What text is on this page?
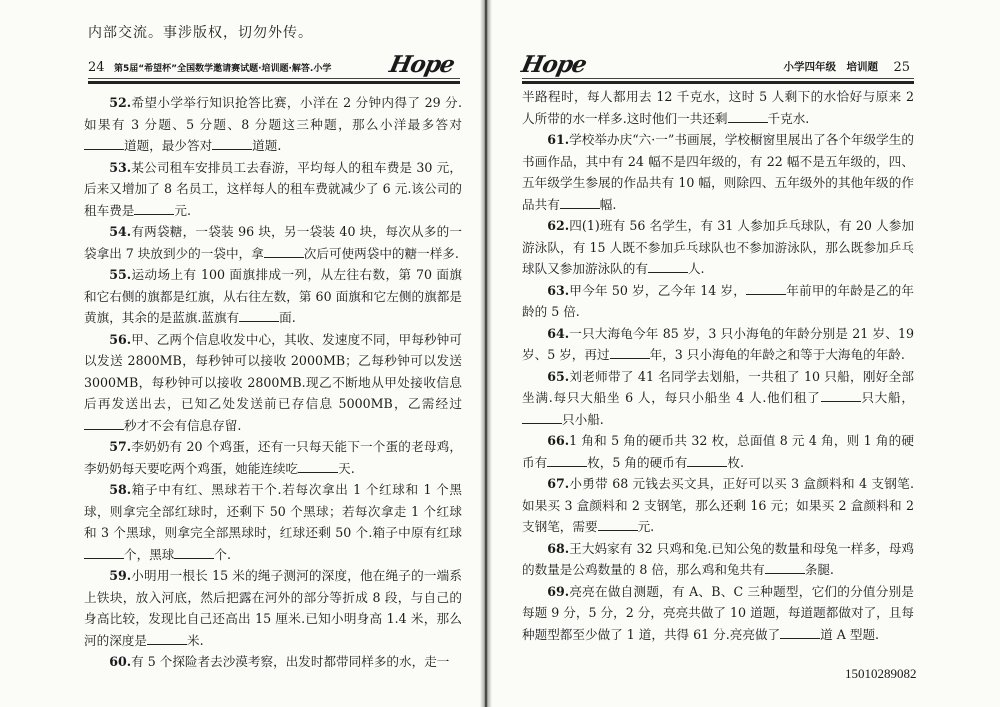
内部交流。事涉版权，切勿外传。
24 第5届“希望杯”全国数学邀请赛试题·培训题·解答.小学 Hope

52.希望小学举行知识抢答比赛，小洋在 2 分钟内得了 29 分.如果有 3 分题、5 分题、8 分题这三种题，那么小洋最多答对道题，最少答对	道题.

53.某公司租车安排员工去春游，平均每人的租车费是 30 元，后来又增加了 8 名员工，这样每人的租车费就减少了 6 元.该公司的租车费是	元.

54.有两袋糖，一袋装 96 块，另一袋装 40 块，每次从多的一袋拿出 7 块放到少的一袋中，拿	次后可使两袋中的糖一样多.

55.运动场上有 100 面旗排成一列，从左往右数，第 70 面旗和它右侧的旗都是红旗，从右往左数，第 60 面旗和它左侧的旗都是黄旗，其余的是蓝旗.蓝旗有	面.

56.甲、乙两个信息收发中心，其收、发速度不同，甲每秒钟可以发送 2800MB，每秒钟可以接收 2000MB；乙每秒钟可以发送 3000MB，每秒钟可以接收 2800MB.现乙不断地从甲处接收信息后再发送出去，已知乙处发送前已存信息 5000MB，乙需经过秒才不会有信息存留.

57.李奶奶有 20 个鸡蛋，还有一只每天能下一个蛋的老母鸡，李奶奶每天要吃两个鸡蛋，她能连续吃	天.

58.箱子中有红、黑球若干个.若每次拿出 1 个红球和 1 个黑球，则拿完全部红球时，还剩下 50 个黑球；若每次拿走 1 个红球和 3 个黑球，则拿完全部黑球时，红球还剩 50 个.箱子中原有红球个，黑球	个.

59.小明用一根长 15 米的绳子测河的深度，他在绳子的一端系上铁块，放入河底，然后把露在河外的部分等折成 8 段，与自己的身高比较，发现比自己还高出 15 厘米.已知小明身高 1.4 米，那么河的深度是	米.

60.有 5 个探险者去沙漠考察，出发时都带同样多的水，走一

Hope	小学四年级　培训题 25

半路程时，每人都用去 12 千克水，这时 5 人剩下的水恰好与原来 2 人所带的水一样多.这时他们一共还剩	千克水.

61.学校举办庆“六·一”书画展，学校橱窗里展出了各个年级学生的书画作品，其中有 24 幅不是四年级的，有 22 幅不是五年级的，四、五年级学生参展的作品共有 10 幅，则除四、五年级外的其他年级的作品共有	幅.

62.四(1)班有 56 名学生，有 31 人参加乒乓球队，有 20 人参加游泳队，有 15 人既不参加乒乓球队也不参加游泳队，那么既参加乒乓球队又参加游泳队的有	人.

63.甲今年 50 岁，乙今年 14 岁，	年前甲的年龄是乙的年龄的 5 倍.

64.一只大海龟今年 85 岁，3 只小海龟的年龄分别是 21 岁、19 岁、5 岁，再过	年，3 只小海龟的年龄之和等于大海龟的年龄.

65.刘老师带了 41 名同学去划船，一共租了 10 只船，刚好全部坐满.每只大船坐 6 人，每只小船坐 4 人.他们租了	只大船，只小船.

66.1 角和 5 角的硬币共 32 枚，总面值 8 元 4 角，则 1 角的硬币有	枚，5 角的硬币有	枚.

67.小勇带 68 元钱去买文具，正好可以买 3 盒颜料和 4 支钢笔.如果买 3 盒颜料和 2 支钢笔，那么还剩 16 元；如果买 2 盒颜料和 2 支钢笔，需要	元.

68.王大妈家有 32 只鸡和兔.已知公兔的数量和母兔一样多，母鸡的数量是公鸡数量的 8 倍，那么鸡和兔共有	条腿.

69.亮亮在做自测题，有 A、B、C 三种题型，它们的分值分别是每题 9 分，5 分，2 分，亮亮共做了 10 道题，每道题都做对了，且每种题型都至少做了 1 道，共得 61 分.亮亮做了	道 A 型题.

15010289082
